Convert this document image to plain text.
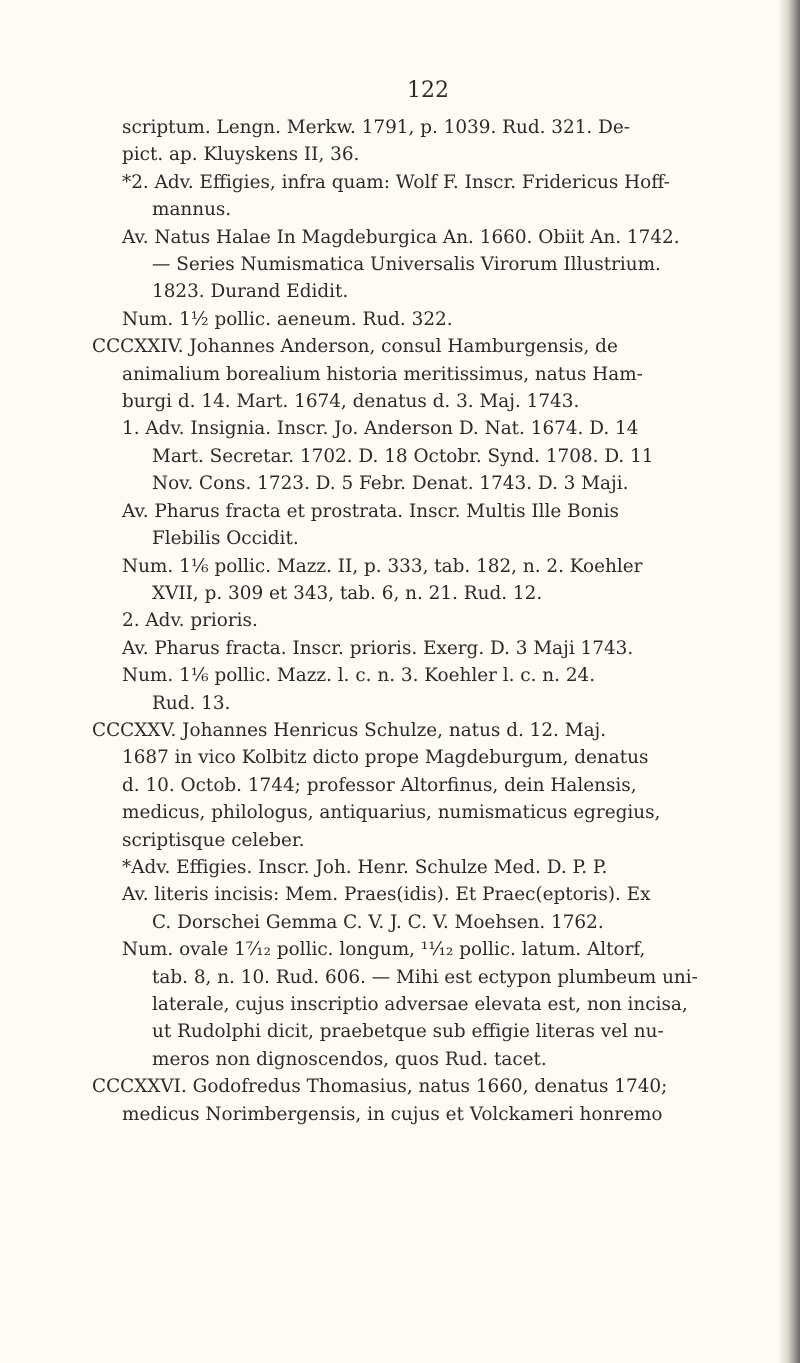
122

scriptum. Lengn. Merkw. 1791, p. 1039. Rud. 321. De-

pict. ap. Kluyskens II, 36.

*2. Adv. Effigies, infra quam: Wolf F. Inscr. Fridericus Hoff-

mannus.

Av. Natus Halae In Magdeburgica An. 1660. Obiit An. 1742.

— Series Numismatica Universalis Virorum Illustrium.

1823. Durand Edidit.

Num. 1½ pollic. aeneum. Rud. 322.

CCCXXIV. Johannes Anderson, consul Hamburgensis, de

animalium borealium historia meritissimus, natus Ham-

burgi d. 14. Mart. 1674, denatus d. 3. Maj. 1743.

1. Adv. Insignia. Inscr. Jo. Anderson D. Nat. 1674. D. 14

Mart. Secretar. 1702. D. 18 Octobr. Synd. 1708. D. 11

Nov. Cons. 1723. D. 5 Febr. Denat. 1743. D. 3 Maji.

Av. Pharus fracta et prostrata. Inscr. Multis Ille Bonis

Flebilis Occidit.

Num. 1⅙ pollic. Mazz. II, p. 333, tab. 182, n. 2. Koehler

XVII, p. 309 et 343, tab. 6, n. 21. Rud. 12.

2. Adv. prioris.

Av. Pharus fracta. Inscr. prioris. Exerg. D. 3 Maji 1743.

Num. 1⅙ pollic. Mazz. l. c. n. 3. Koehler l. c. n. 24.

Rud. 13.

CCCXXV. Johannes Henricus Schulze, natus d. 12. Maj.

1687 in vico Kolbitz dicto prope Magdeburgum, denatus

d. 10. Octob. 1744; professor Altorfinus, dein Halensis,

medicus, philologus, antiquarius, numismaticus egregius,

scriptisque celeber.

*Adv. Effigies. Inscr. Joh. Henr. Schulze Med. D. P. P.

Av. literis incisis: Mem. Praes(idis). Et Praec(eptoris). Ex

C. Dorschei Gemma C. V. J. C. V. Moehsen. 1762.

Num. ovale 1⁷⁄₁₂ pollic. longum, ¹¹⁄₁₂ pollic. latum. Altorf,

tab. 8, n. 10. Rud. 606. — Mihi est ectypon plumbeum uni-

laterale, cujus inscriptio adversae elevata est, non incisa,

ut Rudolphi dicit, praebetque sub effigie literas vel nu-

meros non dignoscendos, quos Rud. tacet.

CCCXXVI. Godofredus Thomasius, natus 1660, denatus 1740;

medicus Norimbergensis, in cujus et Volckameri honremo
